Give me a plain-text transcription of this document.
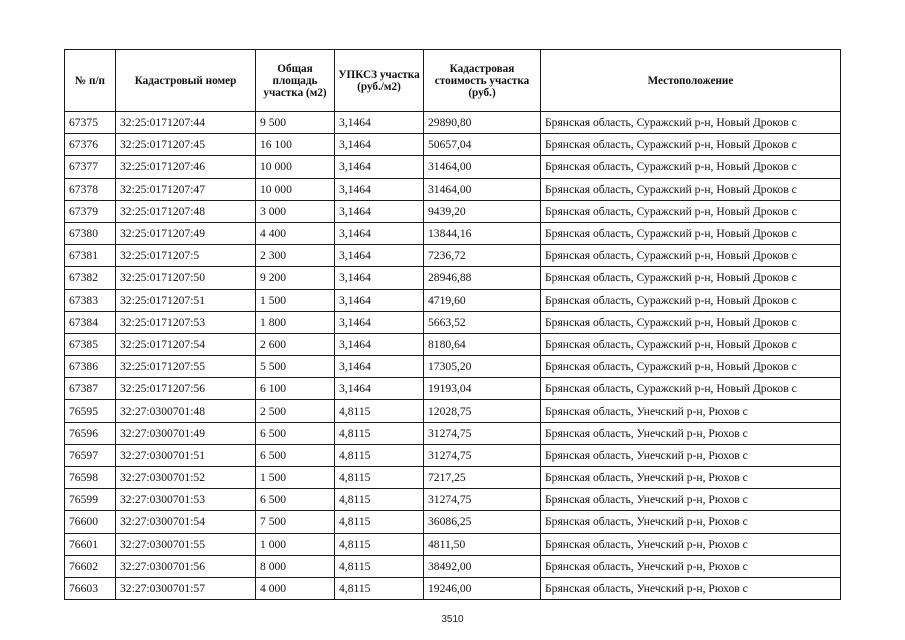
№ п/п	Кадастровый номер	Общая площадь участка (м2)	УПКСЗ участка (руб./м2)	Кадастровая стоимость участка (руб.)	Местоположение
67375	32:25:0171207:44	9 500	3,1464	29890,80	Брянская область, Суражский р-н, Новый Дроков с
67376	32:25:0171207:45	16 100	3,1464	50657,04	Брянская область, Суражский р-н, Новый Дроков с
67377	32:25:0171207:46	10 000	3,1464	31464,00	Брянская область, Суражский р-н, Новый Дроков с
67378	32:25:0171207:47	10 000	3,1464	31464,00	Брянская область, Суражский р-н, Новый Дроков с
67379	32:25:0171207:48	3 000	3,1464	9439,20	Брянская область, Суражский р-н, Новый Дроков с
67380	32:25:0171207:49	4 400	3,1464	13844,16	Брянская область, Суражский р-н, Новый Дроков с
67381	32:25:0171207:5	2 300	3,1464	7236,72	Брянская область, Суражский р-н, Новый Дроков с
67382	32:25:0171207:50	9 200	3,1464	28946,88	Брянская область, Суражский р-н, Новый Дроков с
67383	32:25:0171207:51	1 500	3,1464	4719,60	Брянская область, Суражский р-н, Новый Дроков с
67384	32:25:0171207:53	1 800	3,1464	5663,52	Брянская область, Суражский р-н, Новый Дроков с
67385	32:25:0171207:54	2 600	3,1464	8180,64	Брянская область, Суражский р-н, Новый Дроков с
67386	32:25:0171207:55	5 500	3,1464	17305,20	Брянская область, Суражский р-н, Новый Дроков с
67387	32:25:0171207:56	6 100	3,1464	19193,04	Брянская область, Суражский р-н, Новый Дроков с
76595	32:27:0300701:48	2 500	4,8115	12028,75	Брянская область, Унечский р-н, Рюхов с
76596	32:27:0300701:49	6 500	4,8115	31274,75	Брянская область, Унечский р-н, Рюхов с
76597	32:27:0300701:51	6 500	4,8115	31274,75	Брянская область, Унечский р-н, Рюхов с
76598	32:27:0300701:52	1 500	4,8115	7217,25	Брянская область, Унечский р-н, Рюхов с
76599	32:27:0300701:53	6 500	4,8115	31274,75	Брянская область, Унечский р-н, Рюхов с
76600	32:27:0300701:54	7 500	4,8115	36086,25	Брянская область, Унечский р-н, Рюхов с
76601	32:27:0300701:55	1 000	4,8115	4811,50	Брянская область, Унечский р-н, Рюхов с
76602	32:27:0300701:56	8 000	4,8115	38492,00	Брянская область, Унечский р-н, Рюхов с
76603	32:27:0300701:57	4 000	4,8115	19246,00	Брянская область, Унечский р-н, Рюхов с
3510
